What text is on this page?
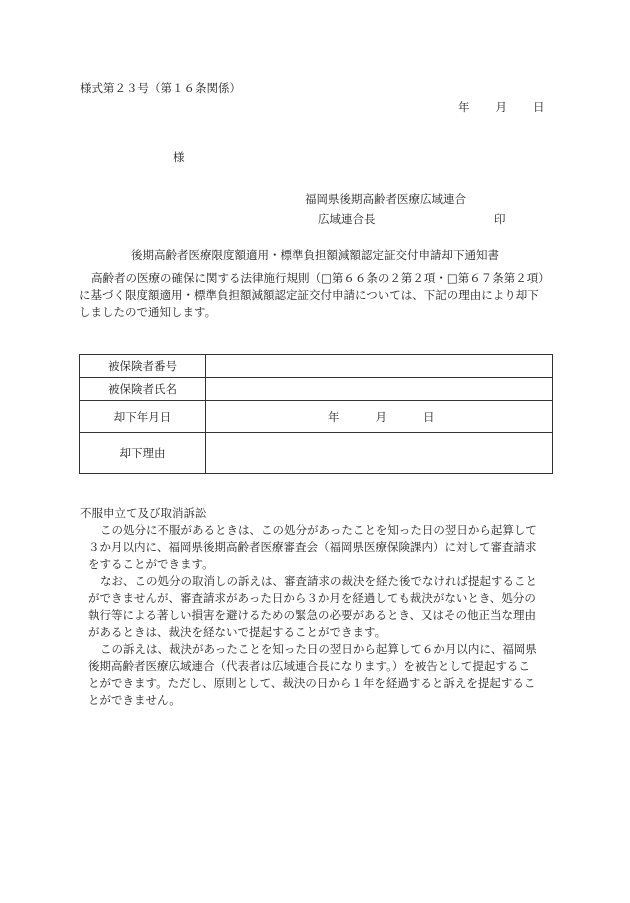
様式第２３号（第１６条関係）
年 月 日
様
福岡県後期高齢者医療広域連合
広域連合長	印
後期高齢者医療限度額適用・標準負担額減額認定証交付申請却下通知書
高齢者の医療の確保に関する法律施行規則（□第６６条の２第２項・□第６７条第２項）
に基づく限度額適用・標準負担額減額認定証交付申請については、下記の理由により却下
しましたので通知します。
被保険者番号	
被保険者氏名	
却下年月日	年 月 日

却下理由	
不服申立て及び取消訴訟
この処分に不服があるときは、この処分があったことを知った日の翌日から起算して
３か月以内に、福岡県後期高齢者医療審査会（福岡県医療保険課内）に対して審査請求
をすることができます。
なお、この処分の取消しの訴えは、審査請求の裁決を経た後でなければ提起すること
ができませんが、審査請求があった日から３か月を経過しても裁決がないとき、処分の
執行等による著しい損害を避けるための緊急の必要があるとき、又はその他正当な理由
があるときは、裁決を経ないで提起することができます。
この訴えは、裁決があったことを知った日の翌日から起算して６か月以内に、福岡県
後期高齢者医療広域連合（代表者は広域連合長になります。）を被告として提起するこ
とができます。ただし、原則として、裁決の日から１年を経過すると訴えを提起するこ
とができません。
